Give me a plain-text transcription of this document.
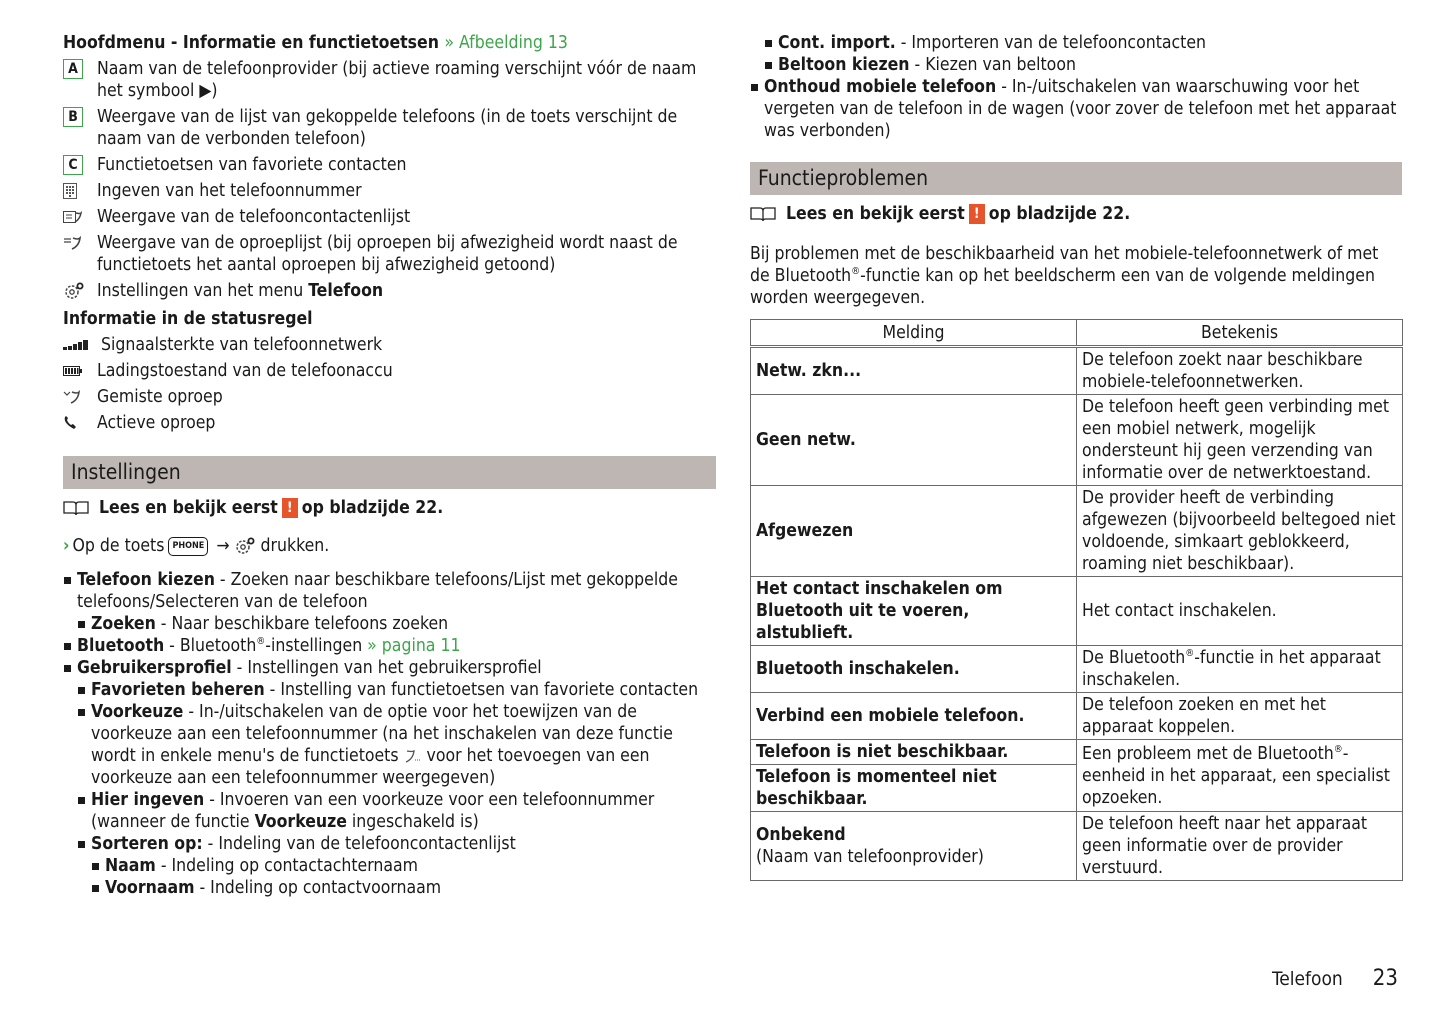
Hoofdmenu - Informatie en functietoetsen » Afbeelding 13
A Naam van de telefoonprovider (bij actieve roaming verschijnt vóór de naam het symbool ▶)
B Weergave van de lijst van gekoppelde telefoons (in de toets verschijnt de naam van de verbonden telefoon)
C	Functietoetsen van favoriete contacten
Ingeven van het telefoonnummer
Weergave van de telefooncontactenlijst
Weergave van de oproeplijst (bij oproepen bij afwezigheid wordt naast de functietoets het aantal oproepen bij afwezigheid getoond)
Instellingen van het menu Telefoon
Informatie in de statusregel
Signaalsterkte van telefoonnetwerk
Ladingstoestand van de telefoonaccu
Gemiste oproep
Actieve oproep
Instellingen
Lees en bekijk eerst ! op bladzijde 22.
› Op de toets PHONE → drukken.
Telefoon kiezen - Zoeken naar beschikbare telefoons/Lijst met gekoppelde telefoons/Selecteren van de telefoon
Zoeken - Naar beschikbare telefoons zoeken
Bluetooth - Bluetooth®-instellingen » pagina 11
Gebruikersprofiel - Instellingen van het gebruikersprofiel
Favorieten beheren - Instelling van functietoetsen van favoriete contacten
Voorkeuze - In-/uitschakelen van de optie voor het toewijzen van de voorkeuze aan een telefoonnummer (na het inschakelen van deze functie wordt in enkele menu's de functietoets
voor het toevoegen van een voorkeuze aan een telefoonnummer weergegeven)
Hier ingeven - Invoeren van een voorkeuze voor een telefoonnummer (wanneer de functie Voorkeuze ingeschakeld is)
Sorteren op: - Indeling van de telefooncontactenlijst
Naam - Indeling op contactachternaam
Voornaam - Indeling op contactvoornaam
Cont. import. - Importeren van de telefooncontacten
Beltoon kiezen - Kiezen van beltoon
Onthoud mobiele telefoon - In-/uitschakelen van waarschuwing voor het vergeten van de telefoon in de wagen (voor zover de telefoon met het apparaat was verbonden)
Functieproblemen
Lees en bekijk eerst ! op bladzijde 22.

Bij problemen met de beschikbaarheid van het mobiele-telefoonnetwerk of met de Bluetooth®-functie kan op het beeldscherm een van de volgende meldingen worden weergegeven.

Melding	Betekenis
Netw. zkn...	De telefoon zoekt naar beschikbare mobiele-telefoonnetwerken.
Geen netw.	De telefoon heeft geen verbinding met een mobiel netwerk, mogelijk ondersteunt hij geen verzending van informatie over de netwerktoestand.
Afgewezen	De provider heeft de verbinding afgewezen (bijvoorbeeld beltegoed niet voldoende, simkaart geblokkeerd, roaming niet beschikbaar).
Het contact inschakelen om Bluetooth uit te voeren, alstublieft.	Het contact inschakelen.
Bluetooth inschakelen.	De Bluetooth®-functie in het apparaat inschakelen.
Verbind een mobiele telefoon.	De telefoon zoeken en met het apparaat koppelen.
Telefoon is niet beschikbaar.	Een probleem met de Bluetooth®-eenheid in het apparaat, een specialist opzoeken.
Telefoon is momenteel niet beschikbaar.	

Onbekend
(Naam van telefoonprovider)	De telefoon heeft naar het apparaat geen informatie over de provider verstuurd.
Telefoon 23
